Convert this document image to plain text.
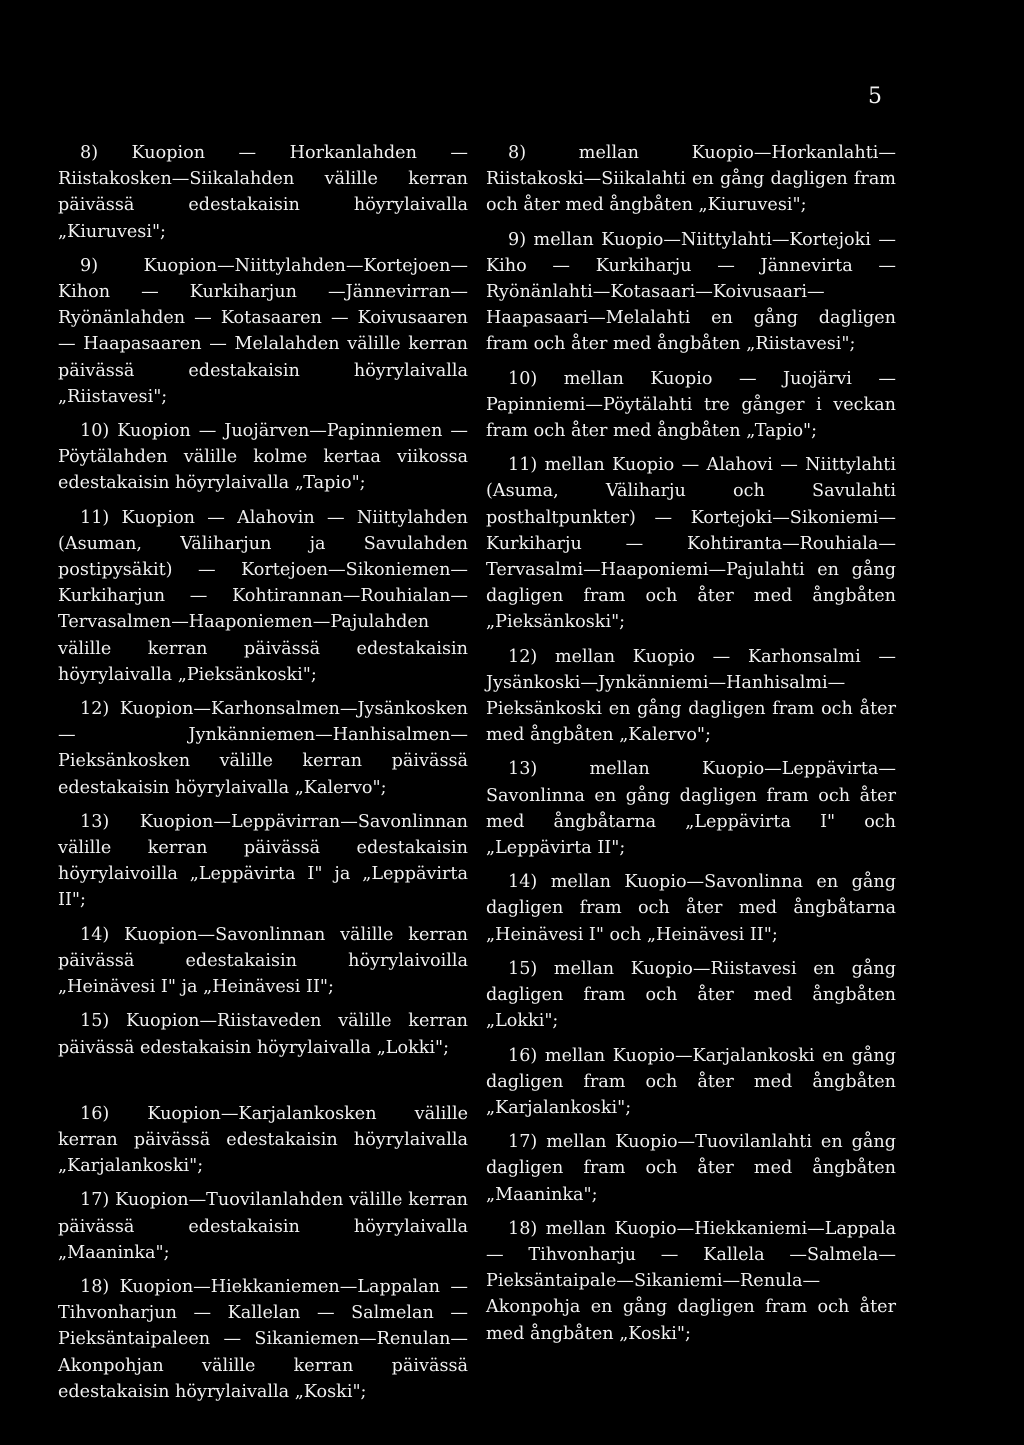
5

8) Kuopion — Horkanlahden —Riistakosken—Siikalahden välille kerran päivässä edestakaisin höyrylaivalla „Kiuruvesi";

9) Kuopion—Niittylahden—Kortejoen—Kihon — Kurkiharjun —Jännevirran—Ryönänlahden — Kotasaaren — Koivusaaren — Haapasaaren — Melalahden välille kerran päivässä edestakaisin höyrylaivalla „Riistavesi";

10) Kuopion — Juojärven—Papinniemen —Pöytälahden välille kolme kertaa viikossa edestakaisin höyrylaivalla „Tapio";

11) Kuopion — Alahovin — Niittylahden (Asuman, Väliharjun ja Savulahden postipysäkit) — Kortejoen—Sikoniemen—Kurkiharjun — Kohtirannan—Rouhialan—Tervasalmen—Haaponiemen—Pajulahden välille kerran päivässä edestakaisin höyrylaivalla „Pieksänkoski";

12) Kuopion—Karhonsalmen—Jysänkosken — Jynkänniemen—Hanhisalmen—Pieksänkosken välille kerran päivässä edestakaisin höyrylaivalla „Kalervo";

13) Kuopion—Leppävirran—Savonlinnan välille kerran päivässä edestakaisin höyrylaivoilla „Leppävirta I" ja „Leppävirta II";

14) Kuopion—Savonlinnan välille kerran päivässä edestakaisin höyrylaivoilla „Heinävesi I" ja „Heinävesi II";

15) Kuopion—Riistaveden välille kerran päivässä edestakaisin höyrylaivalla „Lokki";

16) Kuopion—Karjalankosken välille kerran päivässä edestakaisin höyrylaivalla „Karjalankoski";

17) Kuopion—Tuovilanlahden välille kerran päivässä edestakaisin höyrylaivalla „Maaninka";

18) Kuopion—Hiekkaniemen—Lappalan — Tihvonharjun — Kallelan — Salmelan — Pieksäntaipaleen — Sikaniemen—Renulan—Akonpohjan välille kerran päivässä edestakaisin höyrylaivalla „Koski";

8) mellan Kuopio—Horkanlahti—Riistakoski—Siikalahti en gång dagligen fram och åter med ångbåten „Kiuruvesi";

9) mellan Kuopio—Niittylahti—Kortejoki — Kiho — Kurkiharju — Jännevirta — Ryönänlahti—Kotasaari—Koivusaari—Haapasaari—Melalahti en gång dagligen fram och åter med ångbåten „Riistavesi";

10) mellan Kuopio — Juojärvi — Papinniemi—Pöytälahti tre gånger i veckan fram och åter med ångbåten „Tapio";

11) mellan Kuopio — Alahovi — Niittylahti (Asuma, Väliharju och Savulahti posthaltpunkter) — Kortejoki—Sikoniemi—Kurkiharju — Kohtiranta—Rouhiala—Tervasalmi—Haaponiemi—Pajulahti en gång dagligen fram och åter med ångbåten „Pieksänkoski";

12) mellan Kuopio — Karhonsalmi — Jysänkoski—Jynkänniemi—Hanhisalmi—Pieksänkoski en gång dagligen fram och åter med ångbåten „Kalervo";

13) mellan Kuopio—Leppävirta—Savonlinna en gång dagligen fram och åter med ångbåtarna „Leppävirta I" och „Leppävirta II";

14) mellan Kuopio—Savonlinna en gång dagligen fram och åter med ångbåtarna „Heinävesi I" och „Heinävesi II";

15) mellan Kuopio—Riistavesi en gång dagligen fram och åter med ångbåten „Lokki";

16) mellan Kuopio—Karjalankoski en gång dagligen fram och åter med ångbåten „Karjalankoski";

17) mellan Kuopio—Tuovilanlahti en gång dagligen fram och åter med ångbåten „Maaninka";

18) mellan Kuopio—Hiekkaniemi—Lappala — Tihvonharju — Kallela —Salmela— Pieksäntaipale—Sikaniemi—Renula—Akonpohja en gång dagligen fram och åter med ångbåten „Koski";
